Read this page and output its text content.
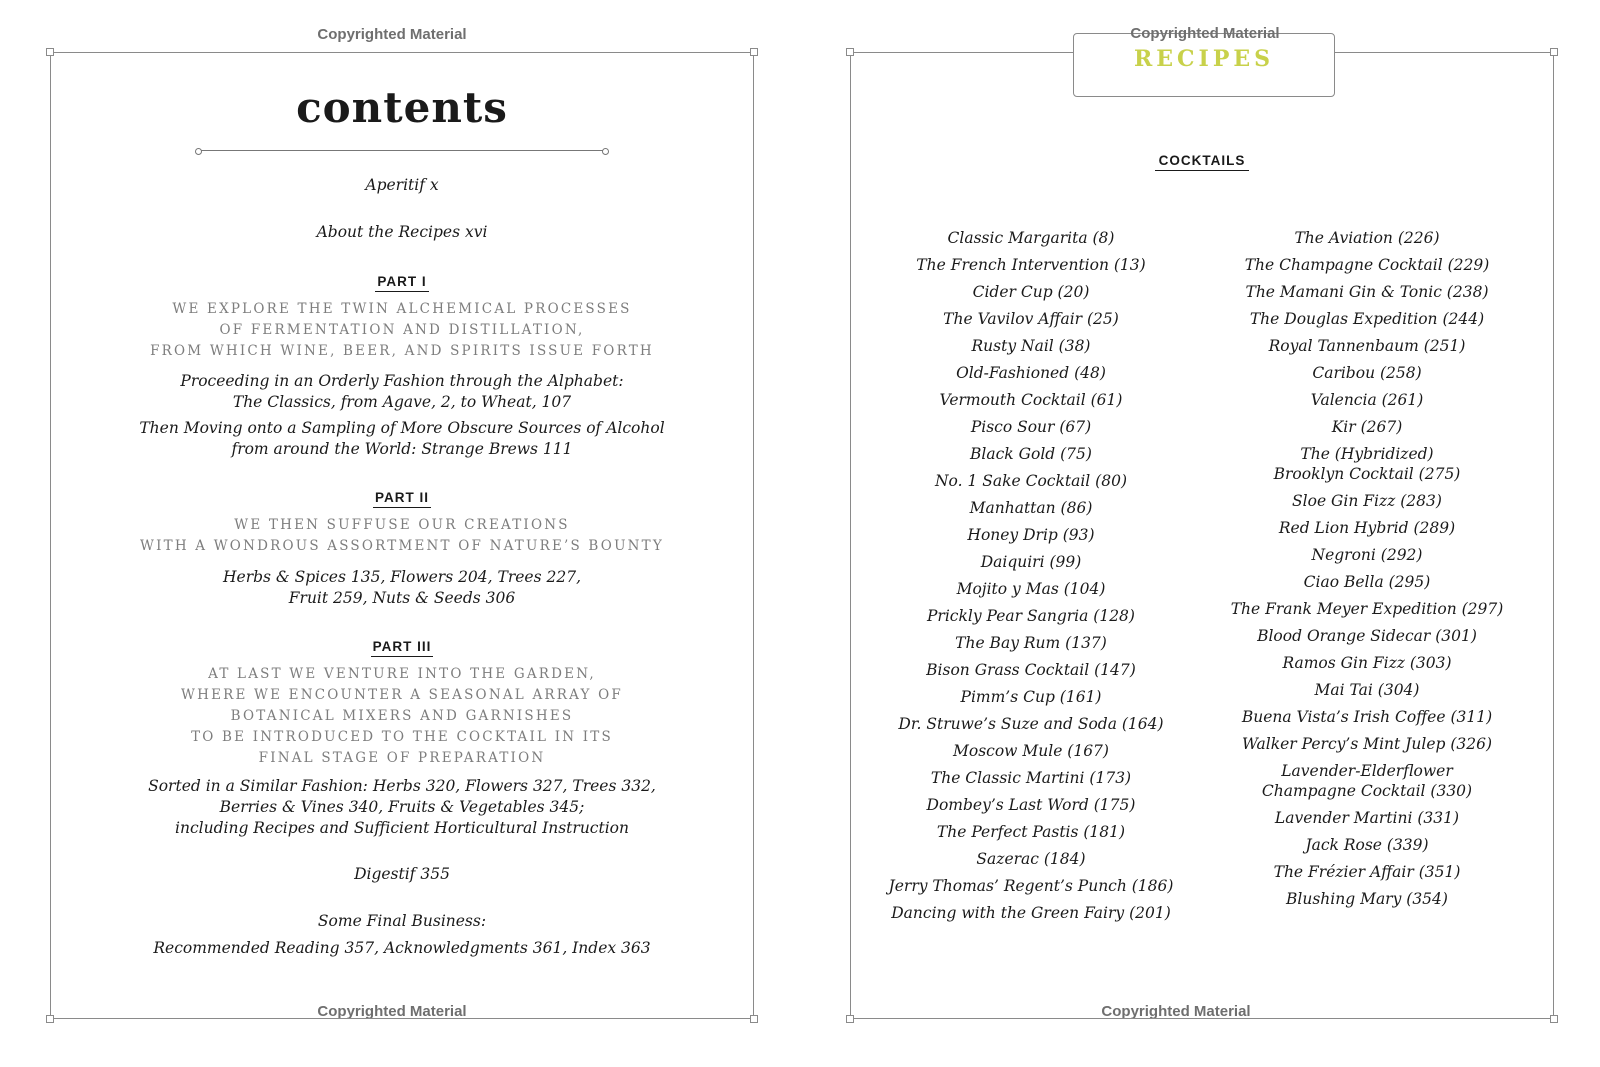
Copyrighted Material
Copyrighted Material	Copyrighted Material
contents
Aperitif x
About the Recipes xvi
PART I
WE EXPLORE THE TWIN ALCHEMICAL PROCESSES
OF FERMENTATION AND DISTILLATION,
FROM WHICH WINE, BEER, AND SPIRITS ISSUE FORTH
Proceeding in an Orderly Fashion through the Alphabet:
The Classics, from Agave, 2, to Wheat, 107
Then Moving onto a Sampling of More Obscure Sources of Alcohol
from around the World: Strange Brews 111
PART II
WE THEN SUFFUSE OUR CREATIONS
WITH A WONDROUS ASSORTMENT OF NATURE’S BOUNTY
Herbs & Spices 135, Flowers 204, Trees 227,
Fruit 259, Nuts & Seeds 306
PART III
AT LAST WE VENTURE INTO THE GARDEN,
WHERE WE ENCOUNTER A SEASONAL ARRAY OF
BOTANICAL MIXERS AND GARNISHES
TO BE INTRODUCED TO THE COCKTAIL IN ITS
FINAL STAGE OF PREPARATION
Sorted in a Similar Fashion: Herbs 320, Flowers 327, Trees 332,
Berries & Vines 340, Fruits & Vegetables 345;
including Recipes and Sufficient Horticultural Instruction
Digestif 355
Some Final Business:
Recommended Reading 357, Acknowledgments 361, Index 363
Copyrighted Material
RECIPES
COCKTAILS
Classic Margarita (8)
The French Intervention (13)
Cider Cup (20)
The Vavilov Affair (25)
Rusty Nail (38)
Old-Fashioned (48)
Vermouth Cocktail (61)
Pisco Sour (67)
Black Gold (75)
No. 1 Sake Cocktail (80)
Manhattan (86)
Honey Drip (93)
Daiquiri (99)
Mojito y Mas (104)
Prickly Pear Sangria (128)
The Bay Rum (137)
Bison Grass Cocktail (147)
Pimm’s Cup (161)
Dr. Struwe’s Suze and Soda (164)
Moscow Mule (167)
The Classic Martini (173)
Dombey’s Last Word (175)
The Perfect Pastis (181)
Sazerac (184)
Jerry Thomas’ Regent’s Punch (186)
Dancing with the Green Fairy (201)
The Aviation (226)
The Champagne Cocktail (229)
The Mamani Gin & Tonic (238)
The Douglas Expedition (244)
Royal Tannenbaum (251)
Caribou (258)
Valencia (261)
Kir (267)
The (Hybridized)
Brooklyn Cocktail (275)
Sloe Gin Fizz (283)
Red Lion Hybrid (289)
Negroni (292)
Ciao Bella (295)
The Frank Meyer Expedition (297)
Blood Orange Sidecar (301)
Ramos Gin Fizz (303)
Mai Tai (304)
Buena Vista’s Irish Coffee (311)
Walker Percy’s Mint Julep (326)
Lavender-Elderflower
Champagne Cocktail (330)
Lavender Martini (331)
Jack Rose (339)
The Frézier Affair (351)
Blushing Mary (354)
